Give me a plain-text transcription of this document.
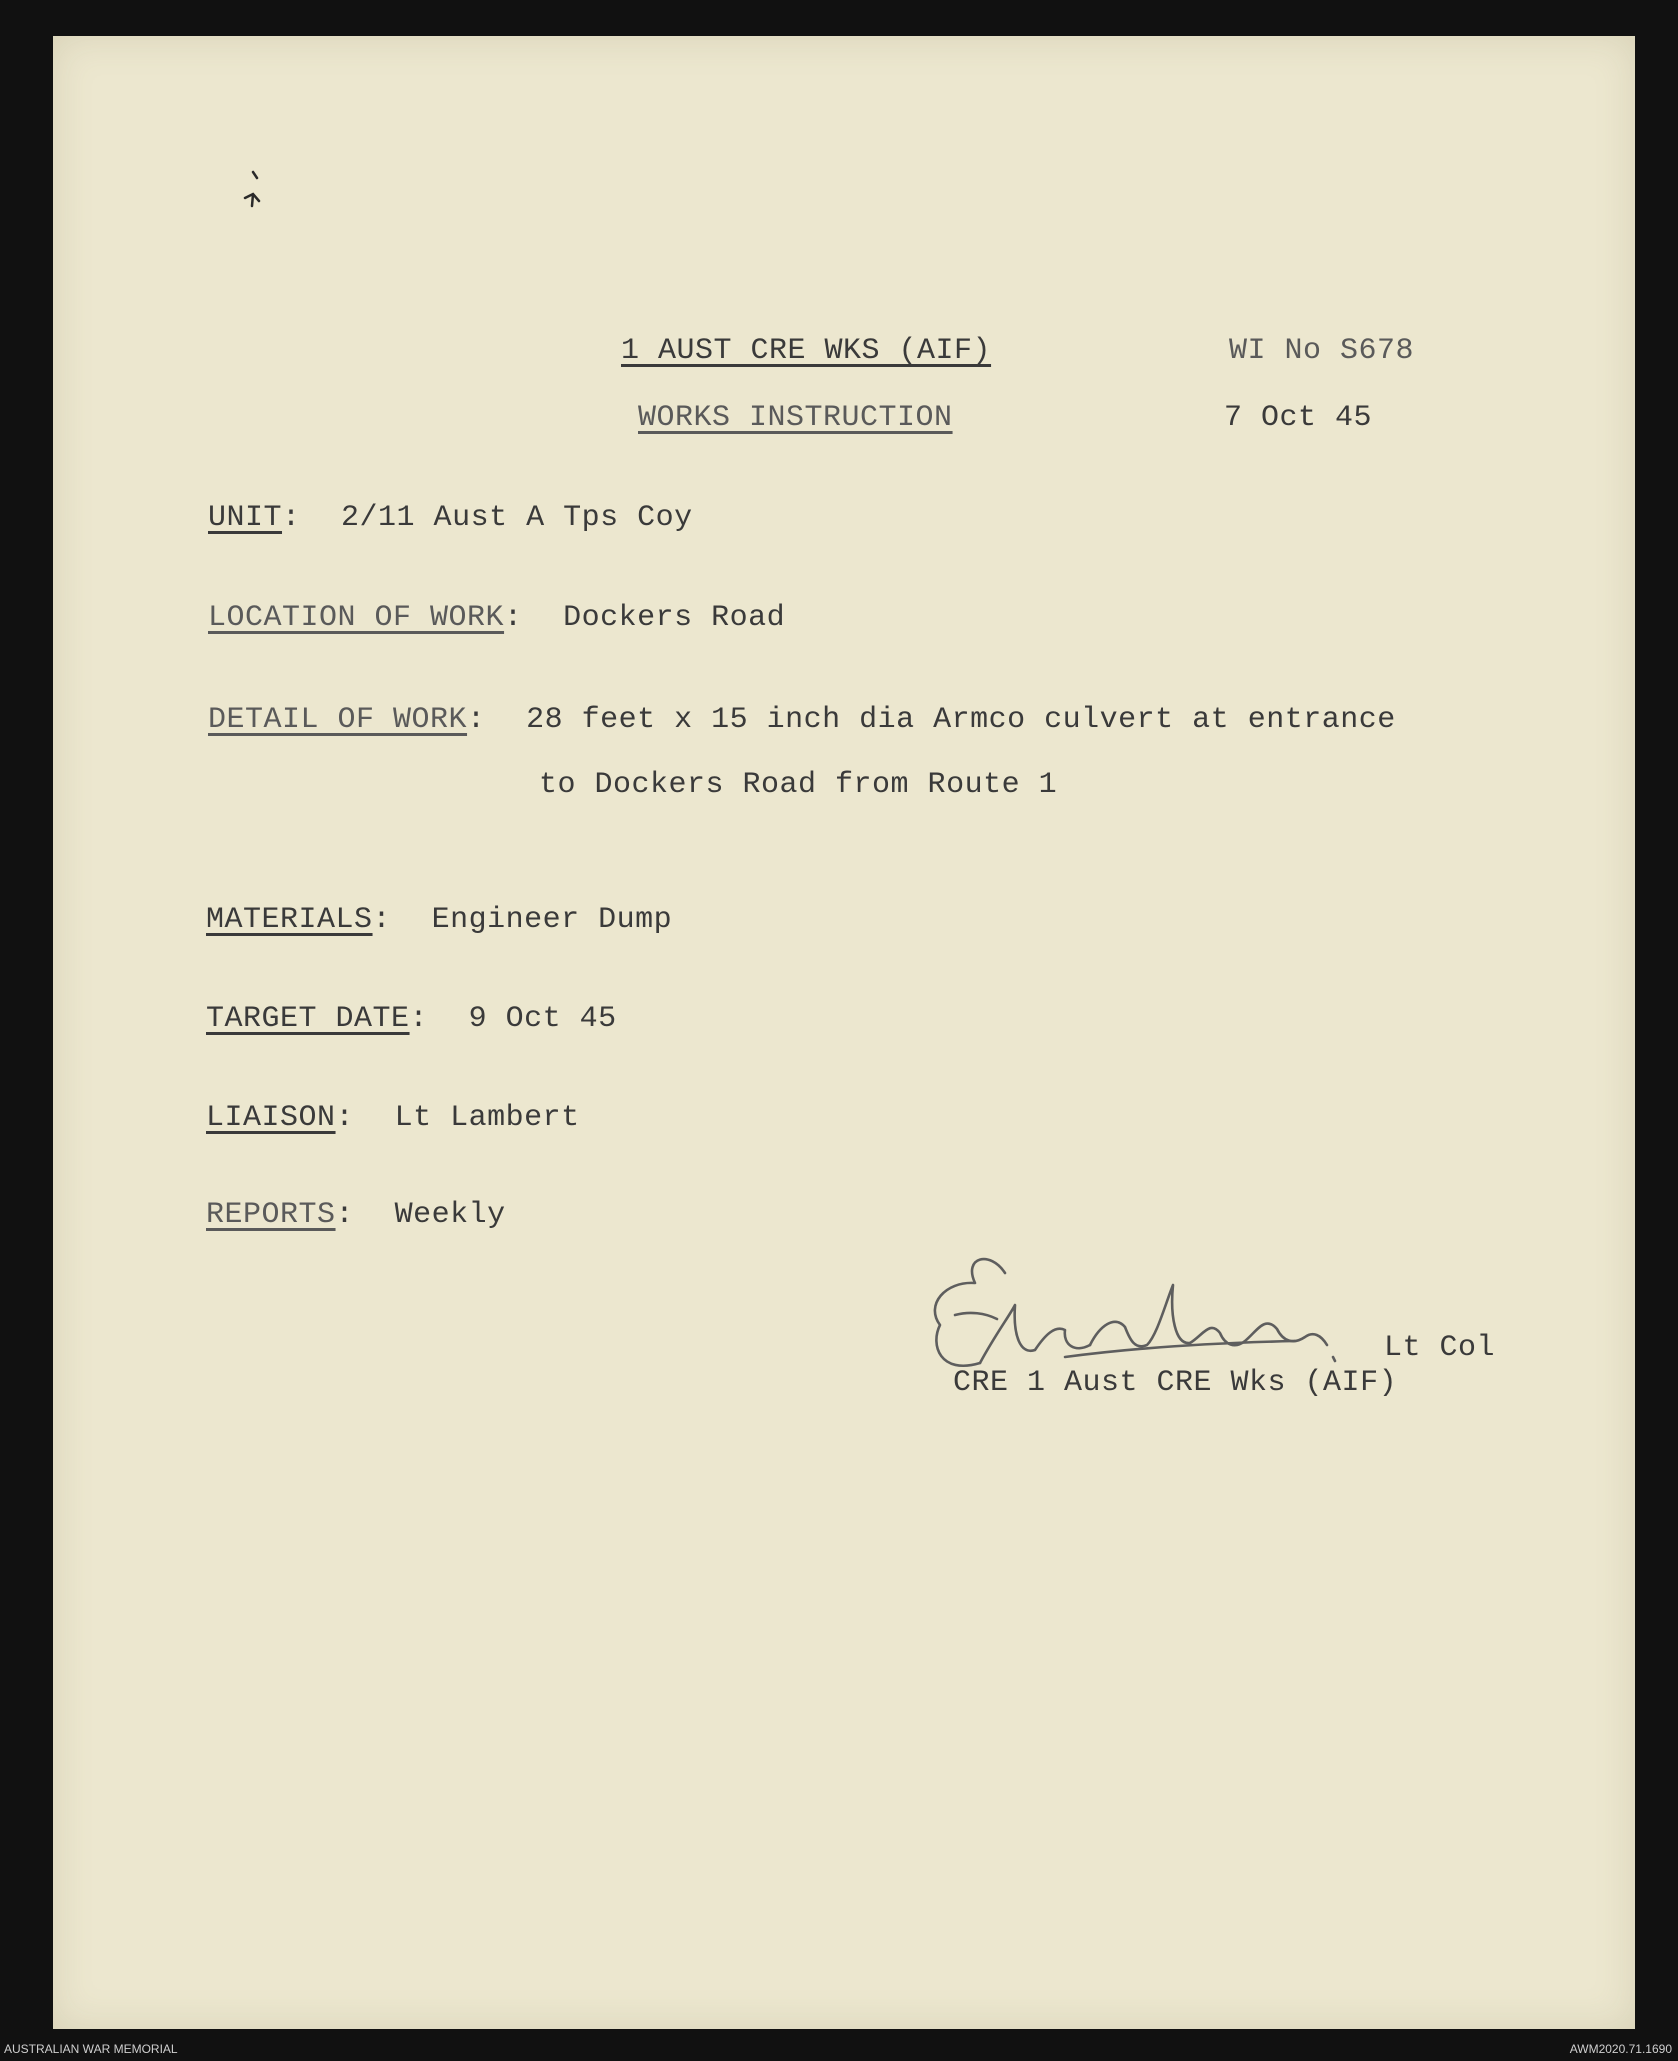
1 AUST CRE WKS (AIF)	WI No S678
WORKS INSTRUCTION	7 Oct 45
UNIT: 2/11 Aust A Tps Coy
LOCATION OF WORK: Dockers Road
DETAIL OF WORK: 28 feet x 15 inch dia Armco culvert at entrance
to Dockers Road from Route 1
MATERIALS: Engineer Dump
TARGET DATE: 9 Oct 45
LIAISON: Lt Lambert
REPORTS: Weekly
Lt Col
CRE 1 Aust CRE Wks (AIF)
AUSTRALIAN WAR MEMORIAL	AWM2020.71.1690
